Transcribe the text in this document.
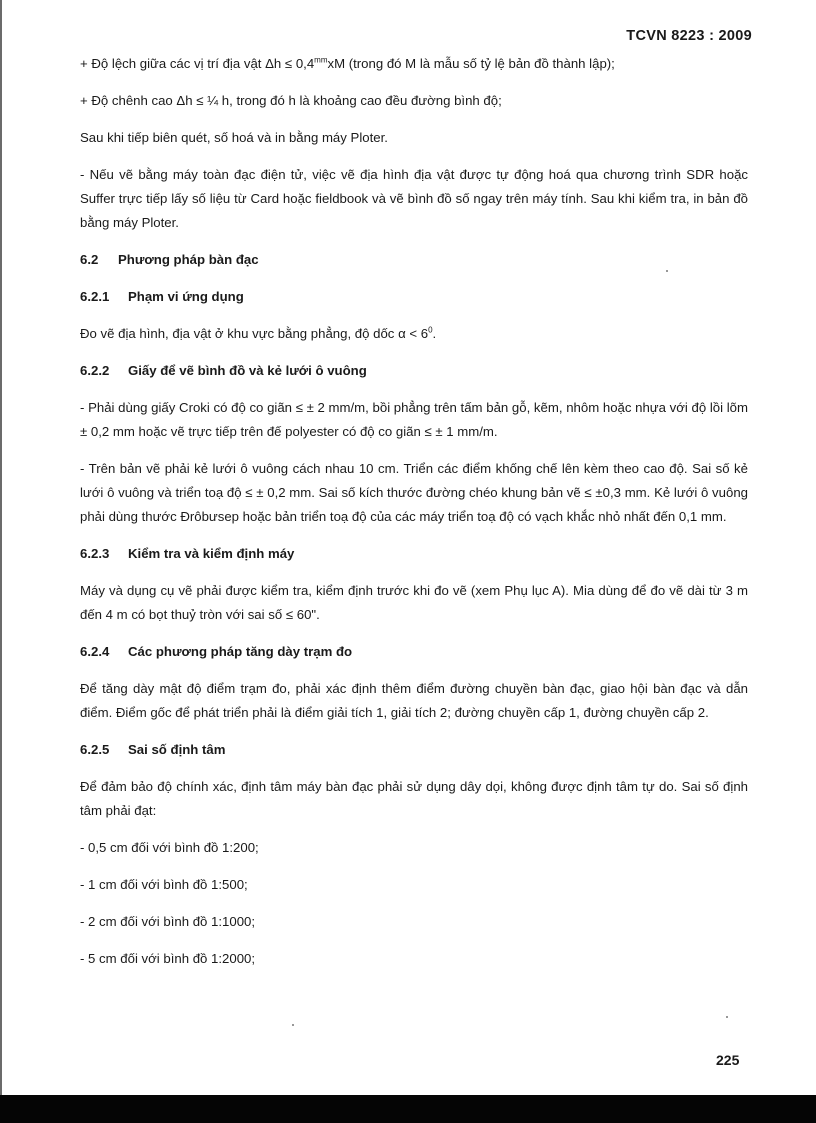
TCVN 8223 : 2009

+ Độ lệch giữa các vị trí địa vật $\Delta h \le 0,4^{mm}xM$ (trong đó M là mẫu số tỷ lệ bản đồ thành lập);

+ Độ chênh cao Δh ≤ ¼ h, trong đó h là khoảng cao đều đường bình độ;

Sau khi tiếp biên quét, số hoá và in bằng máy Ploter.

- Nếu vẽ bằng máy toàn đạc điện tử, việc vẽ địa hình địa vật được tự động hoá qua chương trình SDR hoặc Suffer trực tiếp lấy số liệu từ Card hoặc fieldbook và vẽ bình đồ số ngay trên máy tính. Sau khi kiểm tra, in bản đồ bằng máy Ploter.

6.2 Phương pháp bàn đạc
6.2.1 Phạm vi ứng dụng

Đo vẽ địa hình, địa vật ở khu vực bằng phẳng, độ dốc $\alpha < 6^0$.

6.2.2 Giấy để vẽ bình đồ và kẻ lưới ô vuông

- Phải dùng giấy Croki có độ co giãn ≤ ± 2 mm/m, bồi phẳng trên tấm bản gỗ, kẽm, nhôm hoặc nhựa với độ lồi lõm ± 0,2 mm hoặc vẽ trực tiếp trên đế polyester có độ co giãn ≤ ± 1 mm/m.

- Trên bản vẽ phải kẻ lưới ô vuông cách nhau 10 cm. Triển các điểm khống chế lên kèm theo cao độ. Sai số kẻ lưới ô vuông và triển toạ độ ≤ ± 0,2 mm. Sai số kích thước đường chéo khung bản vẽ ≤ ±0,3 mm. Kẻ lưới ô vuông phải dùng thước Đrôbưsep hoặc bản triển toạ độ của các máy triển toạ độ có vạch khắc nhỏ nhất đến 0,1 mm.

6.2.3 Kiểm tra và kiểm định máy

Máy và dụng cụ vẽ phải được kiểm tra, kiểm định trước khi đo vẽ (xem Phụ lục A). Mia dùng để đo vẽ dài từ 3 m đến 4 m có bọt thuỷ tròn với sai số ≤ 60".

6.2.4 Các phương pháp tăng dày trạm đo

Để tăng dày mật độ điểm trạm đo, phải xác định thêm điểm đường chuyền bàn đạc, giao hội bàn đạc và dẫn điểm. Điểm gốc để phát triển phải là điểm giải tích 1, giải tích 2; đường chuyền cấp 1, đường chuyền cấp 2.

6.2.5 Sai số định tâm

Để đảm bảo độ chính xác, định tâm máy bàn đạc phải sử dụng dây dọi, không được định tâm tự do. Sai số định tâm phải đạt:

- 0,5 cm đối với bình đồ 1:200;

- 1 cm đối với bình đồ 1:500;

- 2 cm đối với bình đồ 1:1000;

- 5 cm đối với bình đồ 1:2000;

225
